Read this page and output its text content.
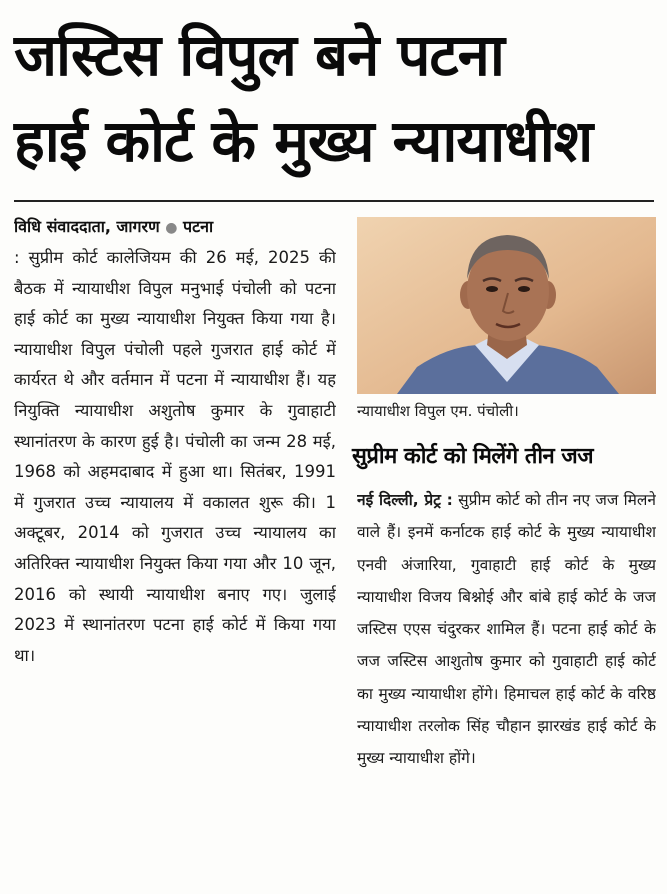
जस्टिस विपुल बने पटना
हाई कोर्ट के मुख्य न्यायाधीश
विधि संवाददाता, जागरण ● पटना
: सुप्रीम कोर्ट कालेजियम की 26 मई, 2025 की बैठक में न्यायाधीश विपुल मनुभाई पंचोली को पटना हाई कोर्ट का मुख्य न्यायाधीश नियुक्त किया गया है। न्यायाधीश विपुल पंचोली पहले गुजरात हाई कोर्ट में कार्यरत थे और वर्तमान में पटना में न्यायाधीश हैं। यह नियुक्ति न्यायाधीश अशुतोष कुमार के गुवाहाटी स्थानांतरण के कारण हुई है। पंचोली का जन्म 28 मई, 1968 को अहमदाबाद में हुआ था। सितंबर, 1991 में गुजरात उच्च न्यायालय में वकालत शुरू की। 1 अक्टूबर, 2014 को गुजरात उच्च न्यायालय का अतिरिक्त न्यायाधीश नियुक्त किया गया और 10 जून, 2016 को स्थायी न्यायाधीश बनाए गए। जुलाई 2023 में स्थानांतरण पटना हाई कोर्ट में किया गया था।
न्यायाधीश विपुल एम. पंचोली।
सुप्रीम कोर्ट को मिलेंगे तीन जज
नई दिल्ली, प्रेट्र : सुप्रीम कोर्ट को तीन नए जज मिलने वाले हैं। इनमें कर्नाटक हाई कोर्ट के मुख्य न्यायाधीश एनवी अंजारिया, गुवाहाटी हाई कोर्ट के मुख्य न्यायाधीश विजय बिश्नोई और बांबे हाई कोर्ट के जज जस्टिस एएस चंदुरकर शामिल हैं। पटना हाई कोर्ट के जज जस्टिस आशुतोष कुमार को गुवाहाटी हाई कोर्ट का मुख्य न्यायाधीश होंगे। हिमाचल हाई कोर्ट के वरिष्ठ न्यायाधीश तरलोक सिंह चौहान झारखंड हाई कोर्ट के मुख्य न्यायाधीश होंगे।
